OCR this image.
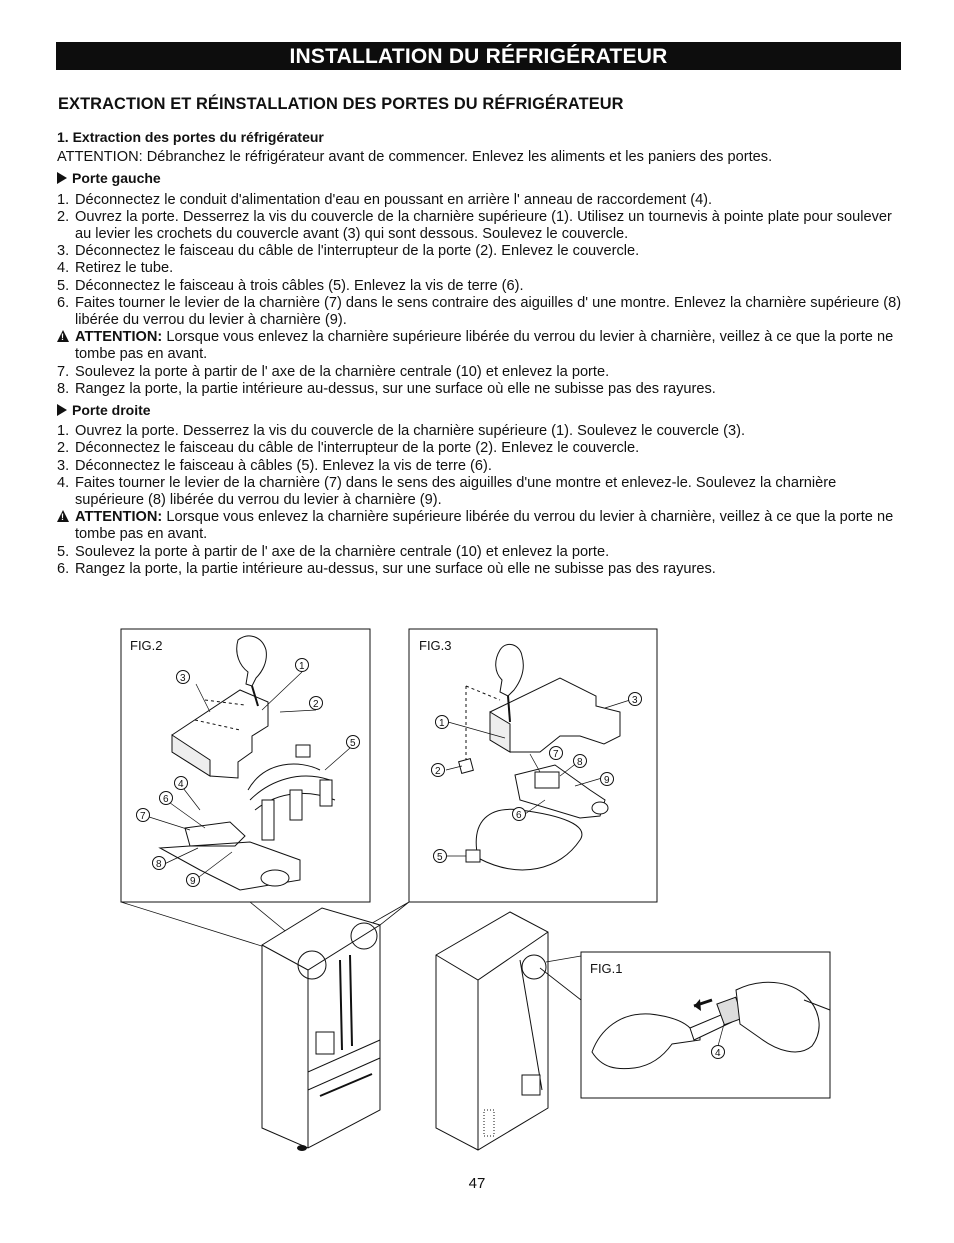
INSTALLATION DU RÉFRIGÉRATEUR
EXTRACTION ET RÉINSTALLATION DES PORTES DU RÉFRIGÉRATEUR
1. Extraction des portes du réfrigérateur
ATTENTION: Débranchez le réfrigérateur avant de commencer. Enlevez les aliments et les paniers des portes.
Porte gauche
1. Déconnectez le conduit d'alimentation d'eau en poussant en arrière l' anneau de raccordement (4).
2. Ouvrez la porte. Desserrez la vis du couvercle de la charnière supérieure (1). Utilisez un tournevis à pointe plate pour soulever au levier les crochets du couvercle avant (3) qui sont dessous. Soulevez le couvercle.
3. Déconnectez le faisceau du câble de l'interrupteur de la porte (2). Enlevez le couvercle.
4. Retirez le tube.
5. Déconnectez le faisceau à trois câbles (5). Enlevez la vis de terre (6).
6. Faites tourner le levier de la charnière (7) dans le sens contraire des aiguilles d' une montre. Enlevez la charnière supérieure (8) libérée du verrou du levier à charnière (9).
!
ATTENTION: Lorsque vous enlevez la charnière supérieure libérée du verrou du levier à charnière, veillez à ce que la porte ne tombe pas en avant.
7. Soulevez la porte à partir de l' axe de la charnière centrale (10) et enlevez la porte.
8. Rangez la porte, la partie intérieure au-dessus, sur une surface où elle ne subisse pas des rayures.
Porte droite
1. Ouvrez la porte. Desserrez la vis du couvercle de la charnière supérieure (1). Soulevez le couvercle (3).
2. Déconnectez le faisceau du câble de l'interrupteur de la porte (2). Enlevez le couvercle.
3. Déconnectez le faisceau à câbles (5). Enlevez la vis de terre (6).
4. Faites tourner le levier de la charnière (7) dans le sens des aiguilles d'une montre et enlevez-le. Soulevez la charnière supérieure (8) libérée du verrou du levier à charnière (9).
!
ATTENTION: Lorsque vous enlevez la charnière supérieure libérée du verrou du levier à charnière, veillez à ce que la porte ne tombe pas en avant.
5. Soulevez la porte à partir de l' axe de la charnière centrale (10) et enlevez la porte.
6. Rangez la porte, la partie intérieure au-dessus, sur une surface où elle ne subisse pas des rayures.
FIG.2
1
2
3
4
5
6
7
8
9
FIG.3
1
2
3
5
6
7
8
9
FIG.1
4
47
